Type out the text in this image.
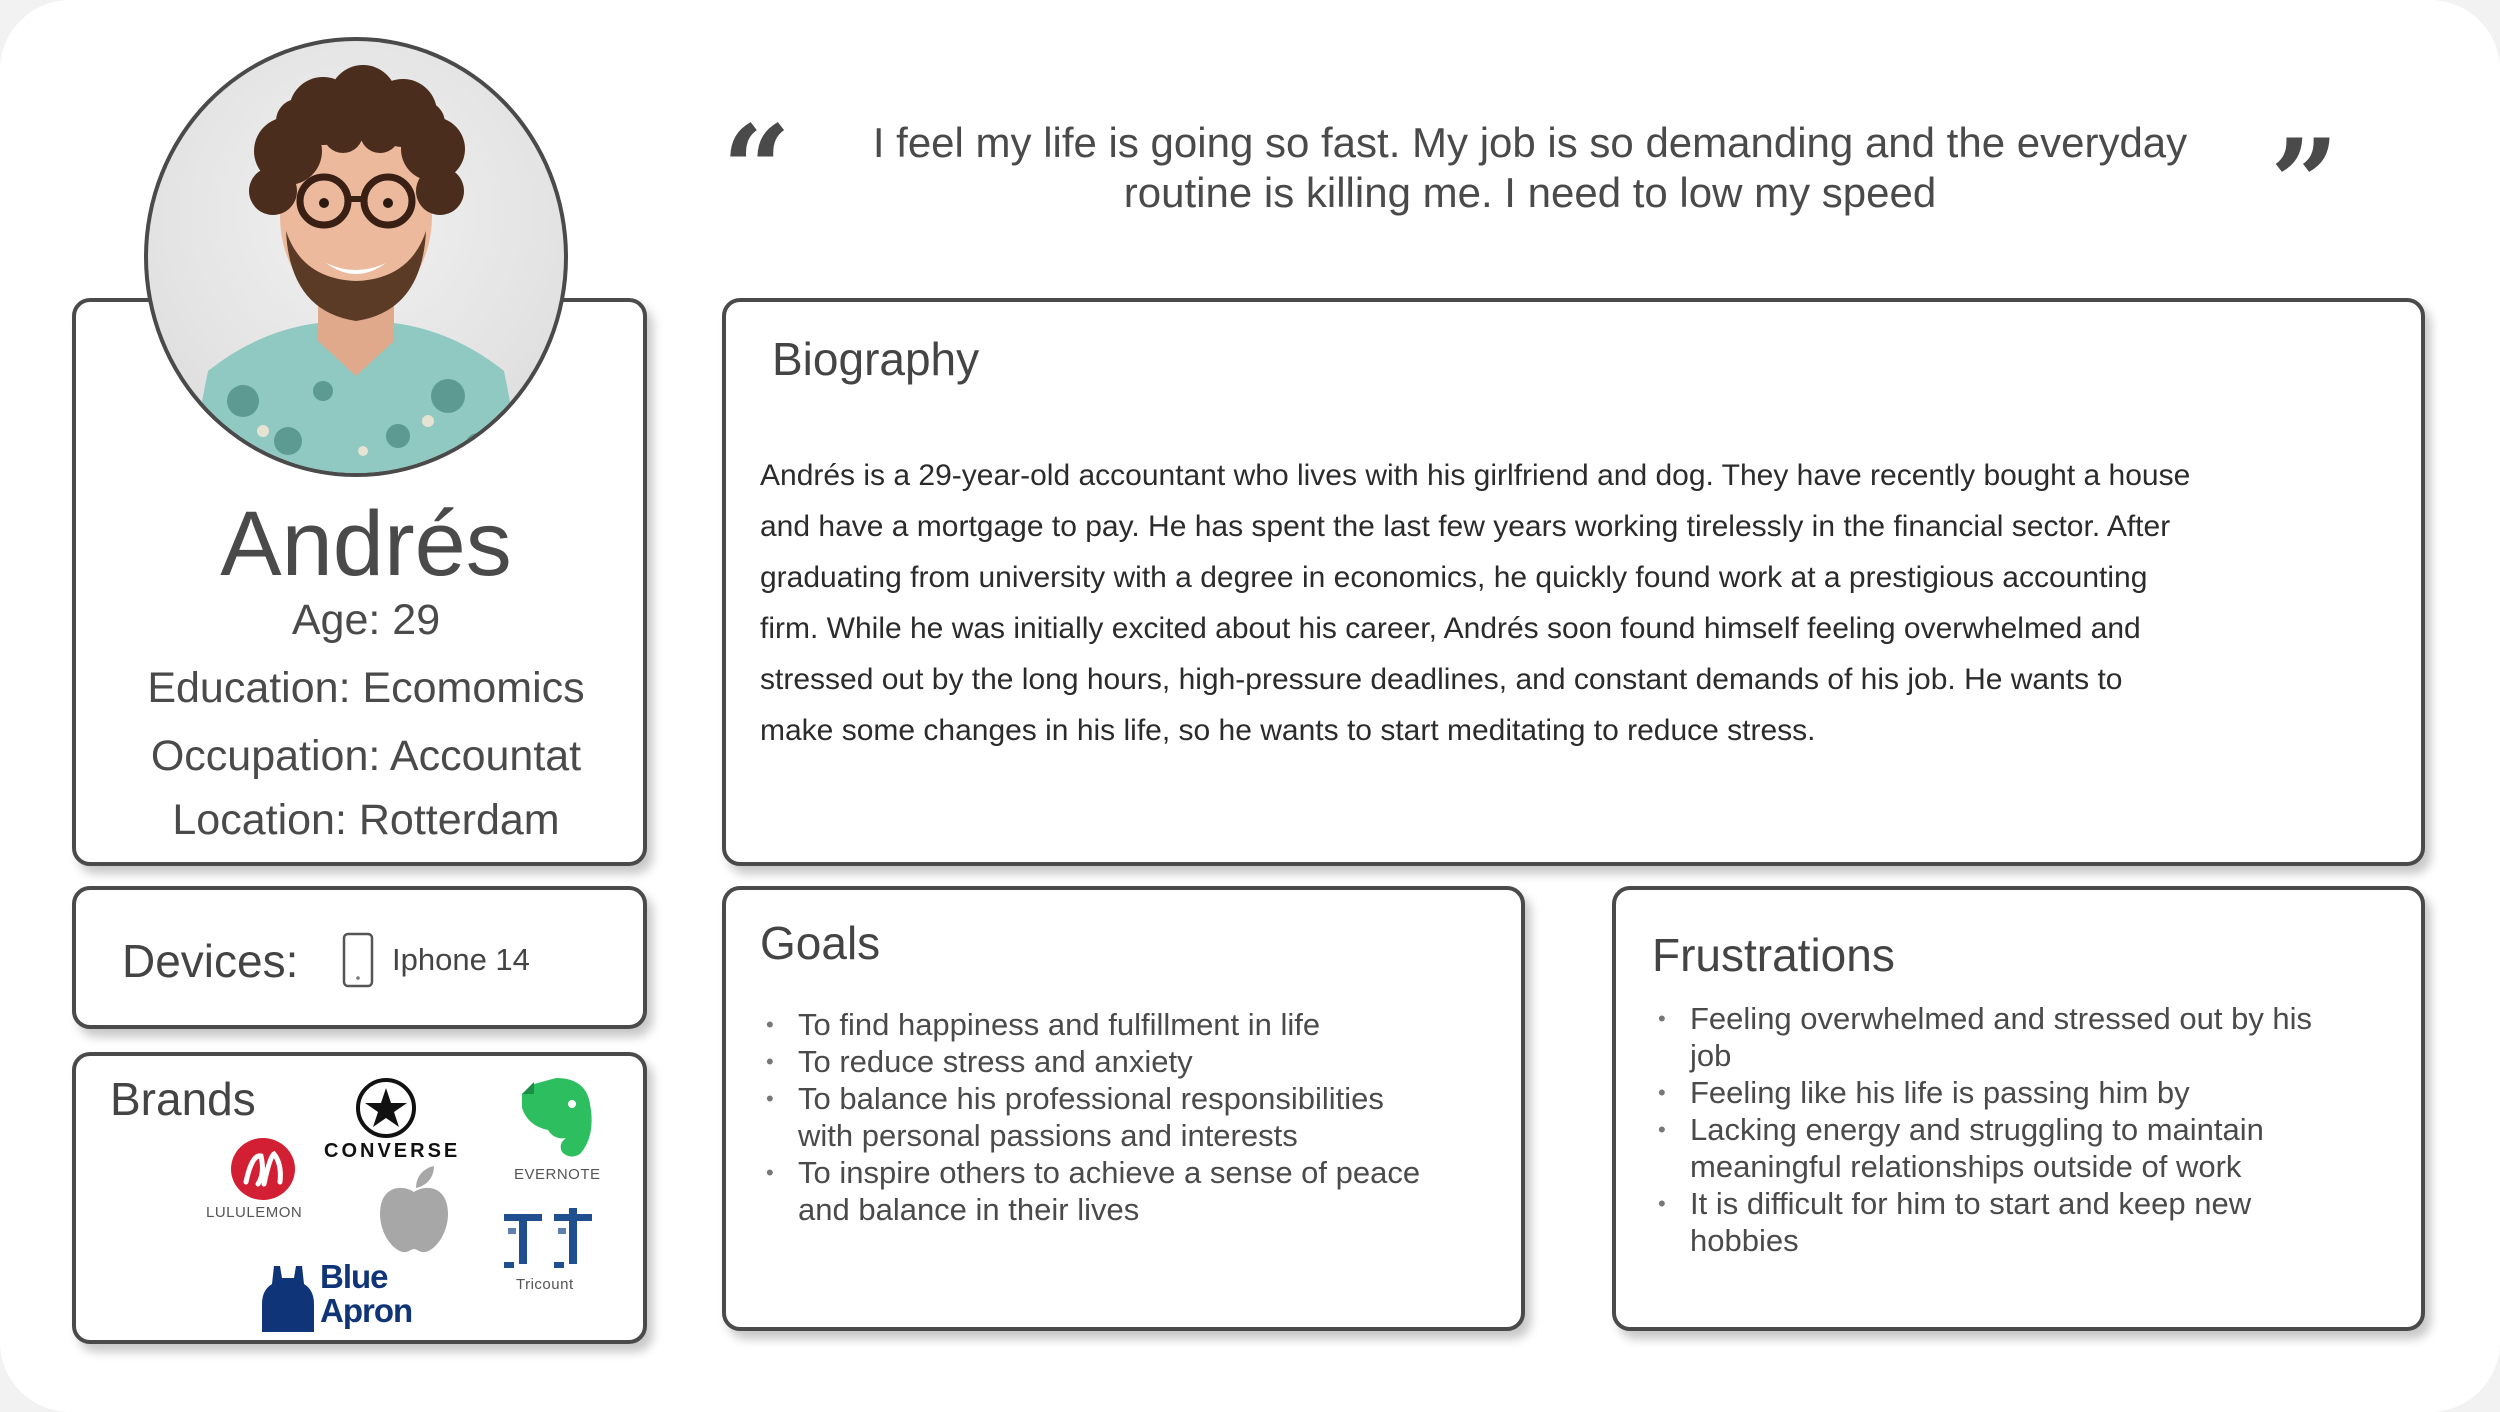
“	I feel my life is going so fast. My job is so demanding and the everyday
routine is killing me. I need to low my speed	”
Andrés
Age: 29
Education: Ecomomics
Occupation: Accountat
Location: Rotterdam
Devices:	Iphone 14
Brands
CONVERSE
LULULEMON
EVERNOTE
Tricount
Blue
Apron
Biography
Andrés is a 29-year-old accountant who lives with his girlfriend and dog. They have recently bought a house
and have a mortgage to pay. He has spent the last few years working tirelessly in the financial sector. After
graduating from university with a degree in economics, he quickly found work at a prestigious accounting
firm. While he was initially excited about his career, Andrés soon found himself feeling overwhelmed and
stressed out by the long hours, high-pressure deadlines, and constant demands of his job. He wants to
make some changes in his life, so he wants to start meditating to reduce stress.
Goals
• To find happiness and fulfillment in life
• To reduce stress and anxiety
• To balance his professional responsibilities
with personal passions and interests
• To inspire others to achieve a sense of peace
and balance in their lives
Frustrations
• Feeling overwhelmed and stressed out by his
job
• Feeling like his life is passing him by
• Lacking energy and struggling to maintain
meaningful relationships outside of work
• It is difficult for him to start and keep new
hobbies
